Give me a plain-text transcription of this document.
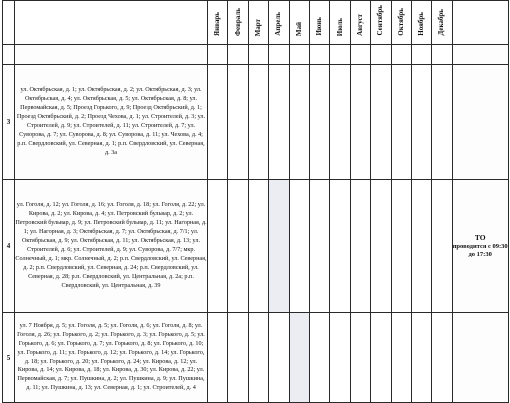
		Январь	Февраль	Март	Апрель	Май	Июнь	Июль	Август	Сентябрь	Октябрь	Ноябрь	Декабрь	

3	ул. Октябрьская, д. 1; ул. Октябрьская, д. 2; ул. Октябрьская, д. 3; ул. Октябрьская, д. 4; ул. Октябрьская, д. 5; ул. Октябрьская, д. 8; ул. Первомайская, д. 5; Проезд Горького, д. 9; Проезд Октябрьский, д. 1; Проезд Октябрьский, д. 2; Проезд Чехова, д. 1; ул. Строителей, д. 3; ул. Строителей, д. 9; ул. Строителей, д. 11; ул. Строителей, д. 7; ул. Суворова, д. 7; ул. Суворова, д. 8; ул. Суворова, д. 11; ул. Чехова, д. 4; р.п. Свердловский, ул. Северная, д. 1; р.п. Свердловский, ул. Северная, д. 3а													
4	ул. Гоголя, д. 12; ул. Гоголя, д. 16; ул. Гоголя, д. 18; ул. Гоголя, д. 22; ул. Кирова, д. 2; ул. Кирова, д. 4; ул. Петровский бульвар, д. 2; ул. Петровский бульвар, д. 9; ул. Петровский бульвар, д. 11; ул. Нагорная, д. 1; ул. Нагорная, д. 3; Октябрьская, д. 7; ул. Октябрьская, д. 7/1; ул. Октябрьская, д. 9; ул. Октябрьская, д. 11; ул. Октябрьская, д. 13; ул. Строителей, д. 6; ул. Строителей, д. 9; ул. Суворова, д. 7/7; мкр. Солнечный, д. 1; мкр. Солнечный, д. 2; р.п. Свердловский, ул. Северная, д. 2; р.п. Свердловский, ул. Северная, д. 24; р.п. Свердловский, ул. Северная, д. 28; р.п. Свердловский, ул. Центральная, д. 2а; р.п. Свердловский, ул. Центральная, д. 39													ТО
проводится с 09:30 до 17:30
5	ул. 7 Ноября, д. 5; ул. Гоголя, д. 5; ул. Гоголя, д. 6; ул. Гоголя, д. 8; ул. Гоголя, д. 26; ул. Горького, д. 2; ул. Горького, д. 3; ул. Горького, д. 5; ул. Горького, д. 6; ул. Горького, д. 7; ул. Горького, д. 8; ул. Горького, д. 10; ул. Горького, д. 11; ул. Горького, д. 12; ул. Горького, д. 14; ул. Горького, д. 18; ул. Горького, д. 20; ул. Горького, д. 24; ул. Кирова, д. 12; ул. Кирова, д. 14; ул. Кирова, д. 18; ул. Кирова, д. 30; ул. Кирова, д. 22; ул. Первомайская, д. 7; ул. Пушкина, д. 2; ул. Пушкина, д. 9; ул. Пушкина, д. 11; ул. Пушкина, д. 13; ул. Северная, д. 1; ул. Строителей, д. 4													
